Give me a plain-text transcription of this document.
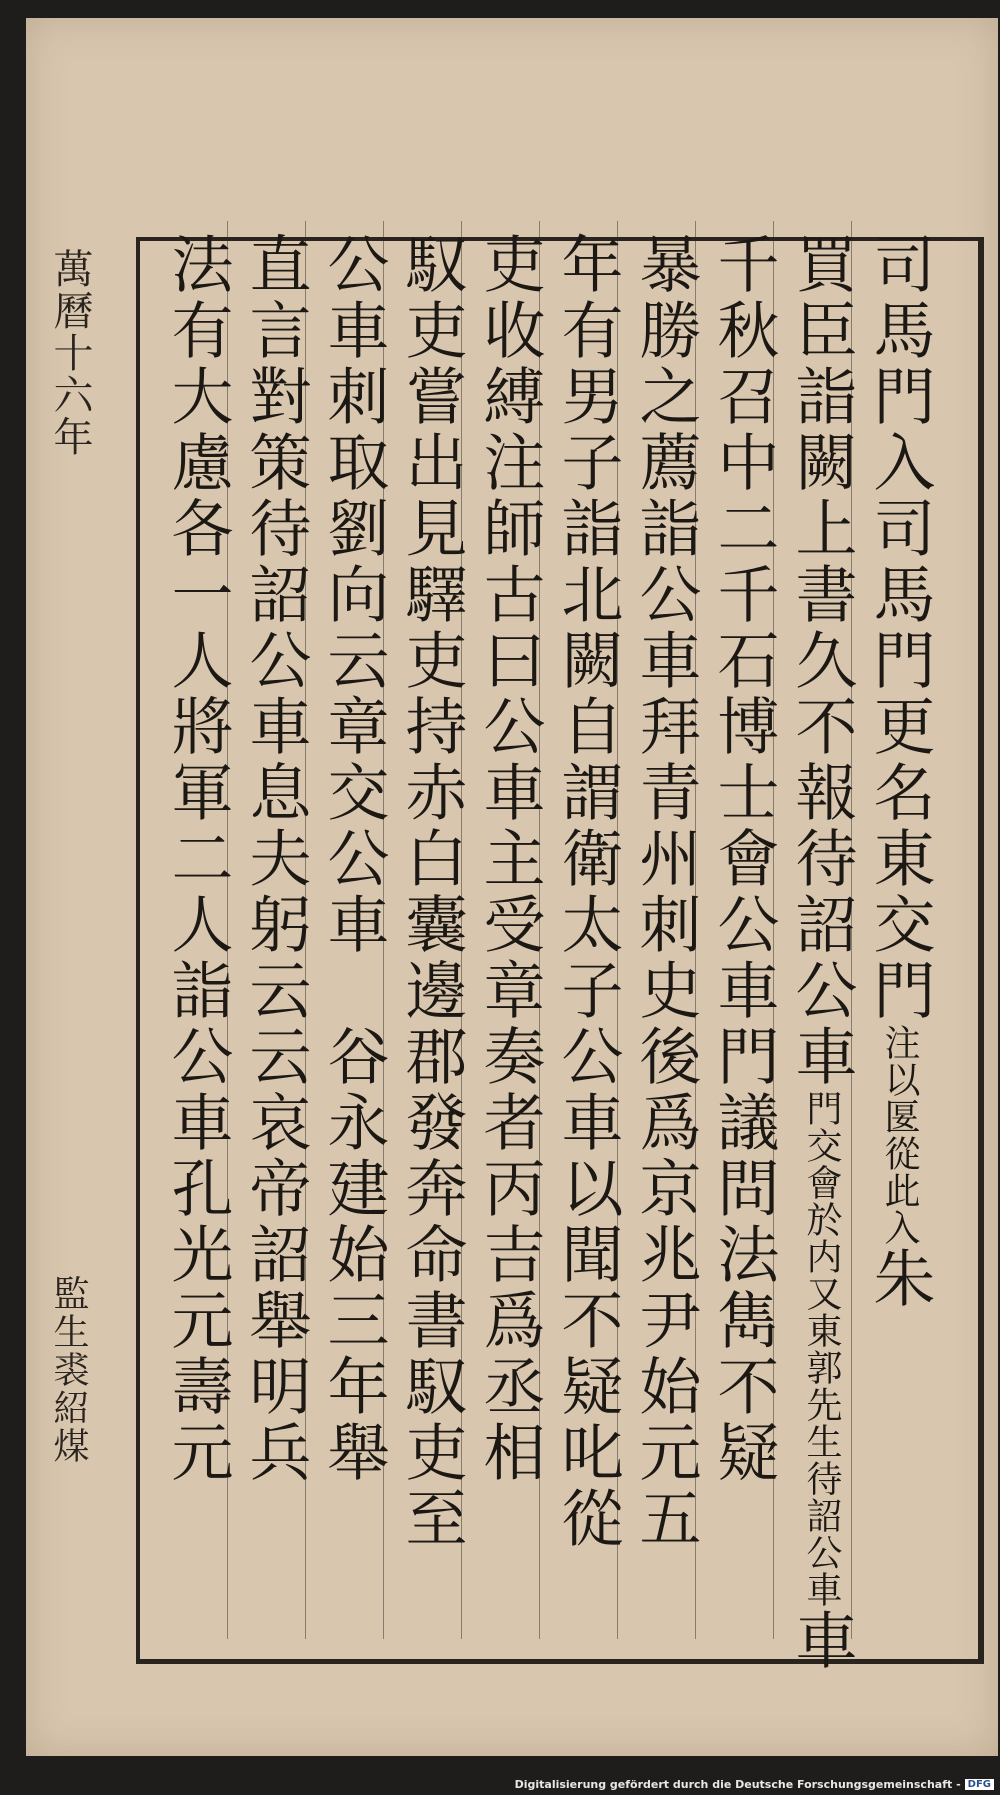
萬曆十六年
監生裘紹煤
司馬門入司馬門更名東交門注以匽從此入朱
買臣詣闕上書久不報待詔公車門交會於内又東郭先生待詔公車車
千秋召中二千石博士會公車門議問法雋不疑
暴勝之薦詣公車拜青州刺史後爲京兆尹始元五
年有男子詣北闕自謂衛太子公車以聞不疑叱從
吏收縛注師古曰公車主受章奏者丙吉爲丞相
馭吏嘗出見驛吏持赤白囊邊郡發奔命書馭吏至
公車刺取劉向云章交公車　谷永建始三年舉
直言對策待詔公車息夫躬云云哀帝詔舉明兵
法有大慮各一人將軍二人詣公車孔光元壽元
Digitalisierung gefördert durch die Deutsche Forschungsgemeinschaft - DFG
